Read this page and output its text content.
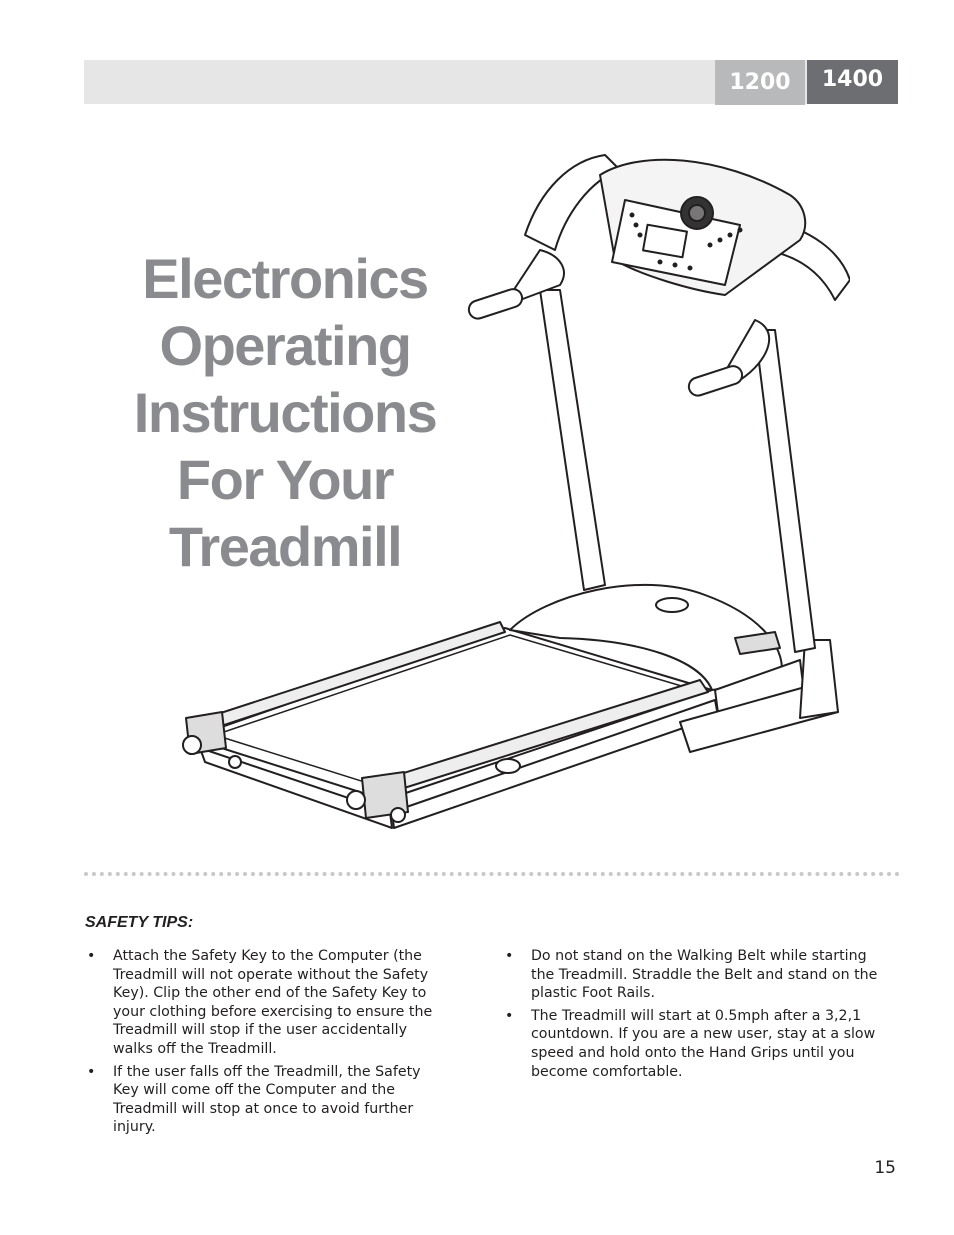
1200	1400
Electronics
Operating
Instructions
For Your
Treadmill
SAFETY TIPS:

• Attach the Safety Key to the Computer (the Treadmill will not operate without the Safety Key). Clip the other end of the Safety Key to your clothing before exercising to ensure the Treadmill will stop if the user accidentally walks off the Treadmill.

• If the user falls off the Treadmill, the Safety Key will come off the Computer and the Treadmill will stop at once to avoid further injury.

• Do not stand on the Walking Belt while starting the Treadmill. Straddle the Belt and stand on the plastic Foot Rails.

• The Treadmill will start at 0.5mph after a 3,2,1 countdown. If you are a new user, stay at a slow speed and hold onto the Hand Grips until you become comfortable.

15
